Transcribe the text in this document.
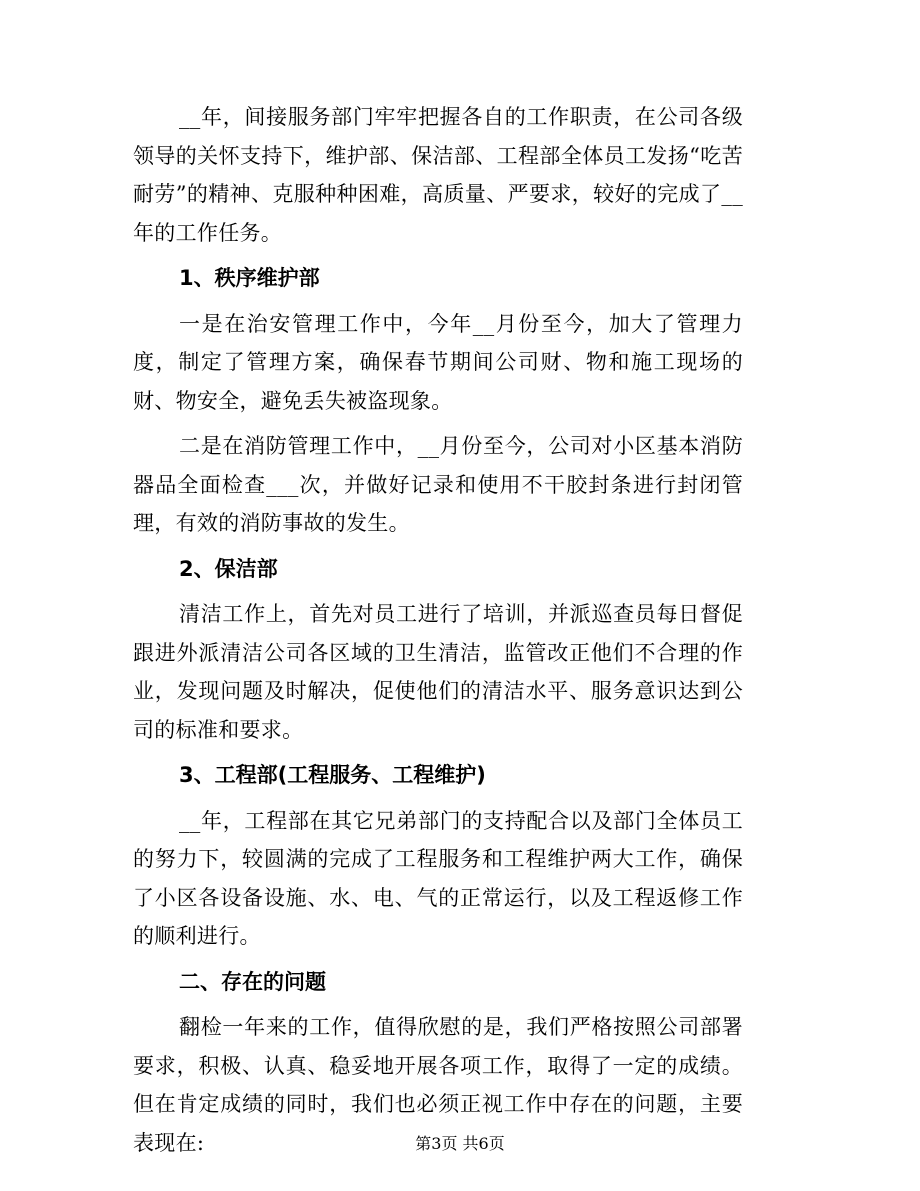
__年，间接服务部门牢牢把握各自的工作职责，在公司各级领导的关怀支持下，维护部、保洁部、工程部全体员工发扬“吃苦耐劳”的精神、克服种种困难，高质量、严要求，较好的完成了__年的工作任务。

1、秩序维护部

一是在治安管理工作中，今年__月份至今，加大了管理力度，制定了管理方案，确保春节期间公司财、物和施工现场的财、物安全，避免丢失被盗现象。

二是在消防管理工作中，__月份至今，公司对小区基本消防器品全面检查___次，并做好记录和使用不干胶封条进行封闭管理，有效的消防事故的发生。

2、保洁部

清洁工作上，首先对员工进行了培训，并派巡查员每日督促跟进外派清洁公司各区域的卫生清洁，监管改正他们不合理的作业，发现问题及时解决，促使他们的清洁水平、服务意识达到公司的标准和要求。

3、工程部(工程服务、工程维护)

__年，工程部在其它兄弟部门的支持配合以及部门全体员工的努力下，较圆满的完成了工程服务和工程维护两大工作，确保了小区各设备设施、水、电、气的正常运行，以及工程返修工作的顺利进行。

二、存在的问题

翻检一年来的工作，值得欣慰的是，我们严格按照公司部署要求，积极、认真、稳妥地开展各项工作，取得了一定的成绩。但在肯定成绩的同时，我们也必须正视工作中存在的问题，主要表现在:	第3页 共6页
